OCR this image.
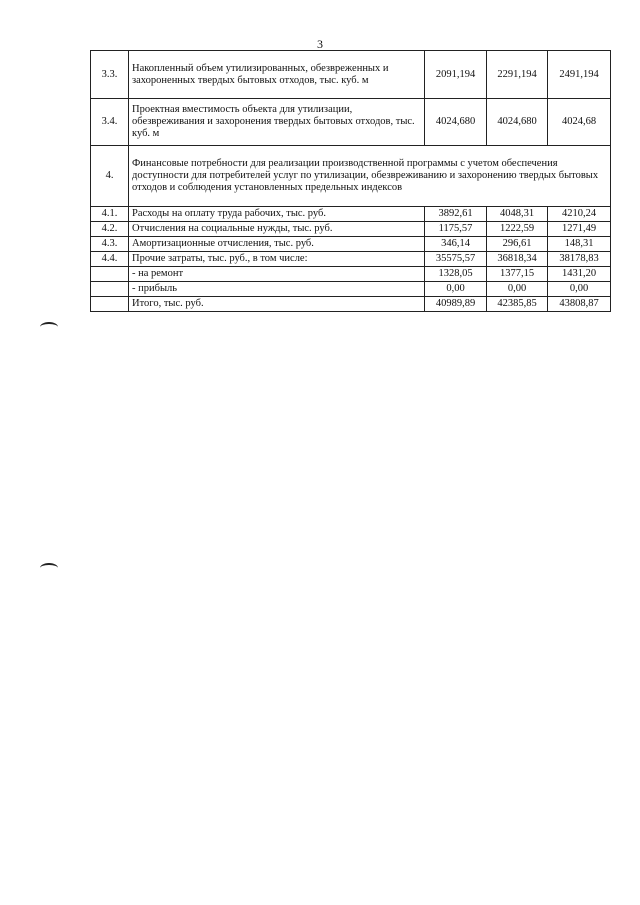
3
3.3.	Накопленный объем утилизированных, обезвреженных и захороненных твердых бытовых отходов, тыс. куб. м	2091,194	2291,194	2491,194
3.4.	Проектная вместимость объекта для утилизации, обезвреживания и захоронения твердых бытовых отходов, тыс. куб. м	4024,680	4024,680	4024,68
4.	Финансовые потребности для реализации производственной программы с учетом обеспечения доступности для потребителей услуг по утилизации, обезвреживанию и захоронению твердых бытовых отходов и соблюдения установленных предельных индексов			
4.1.	Расходы на оплату труда рабочих, тыс. руб.	3892,61	4048,31	4210,24
4.2.	Отчисления на социальные нужды, тыс. руб.	1175,57	1222,59	1271,49
4.3.	Амортизационные отчисления, тыс. руб.	346,14	296,61	148,31
4.4.	Прочие затраты, тыс. руб., в том числе:	35575,57	36818,34	38178,83
	- на ремонт	1328,05	1377,15	1431,20
	- прибыль	0,00	0,00	0,00
	Итого, тыс. руб.	40989,89	42385,85	43808,87
